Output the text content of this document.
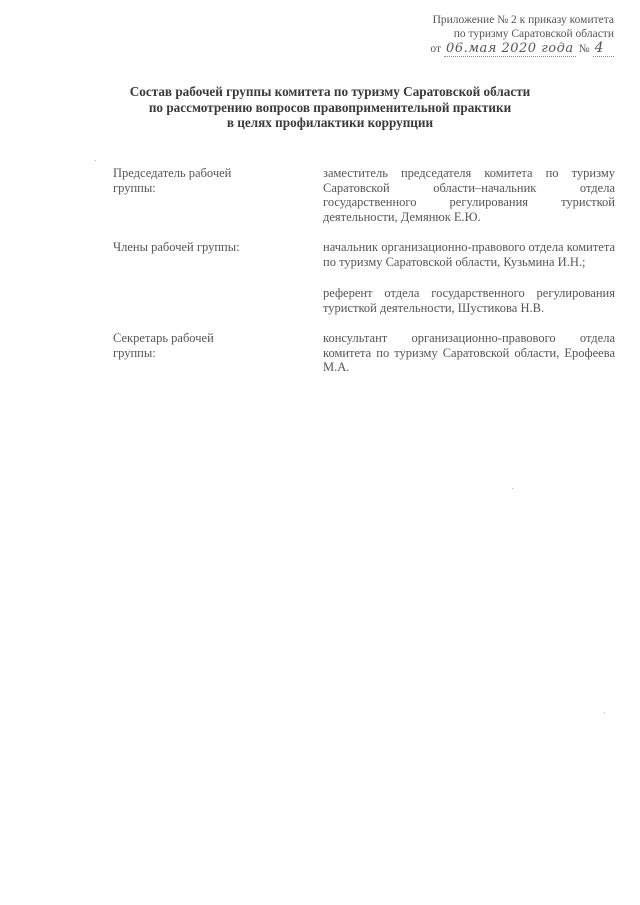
Приложение № 2 к приказу комитета
по туризму Саратовской области
от 06.мая 2020 года № 4
Состав рабочей группы комитета по туризму Саратовской области
по рассмотрению вопросов правоприменительной практики
в целях профилактики коррупции
Председатель рабочей
группы:
заместитель председателя комитета по туризму Саратовской области–начальник отдела государственного регулирования туристкой деятельности, Демянюк Е.Ю.
Члены рабочей группы:	начальник организационно-правового отдела комитета по туризму Саратовской области, Кузьмина И.Н.;
референт отдела государственного регулирования туристкой деятельности, Шустикова Н.В.
Секретарь рабочей
группы:
консультант организационно-правового отдела комитета по туризму Саратовской области, Ерофеева М.А.
